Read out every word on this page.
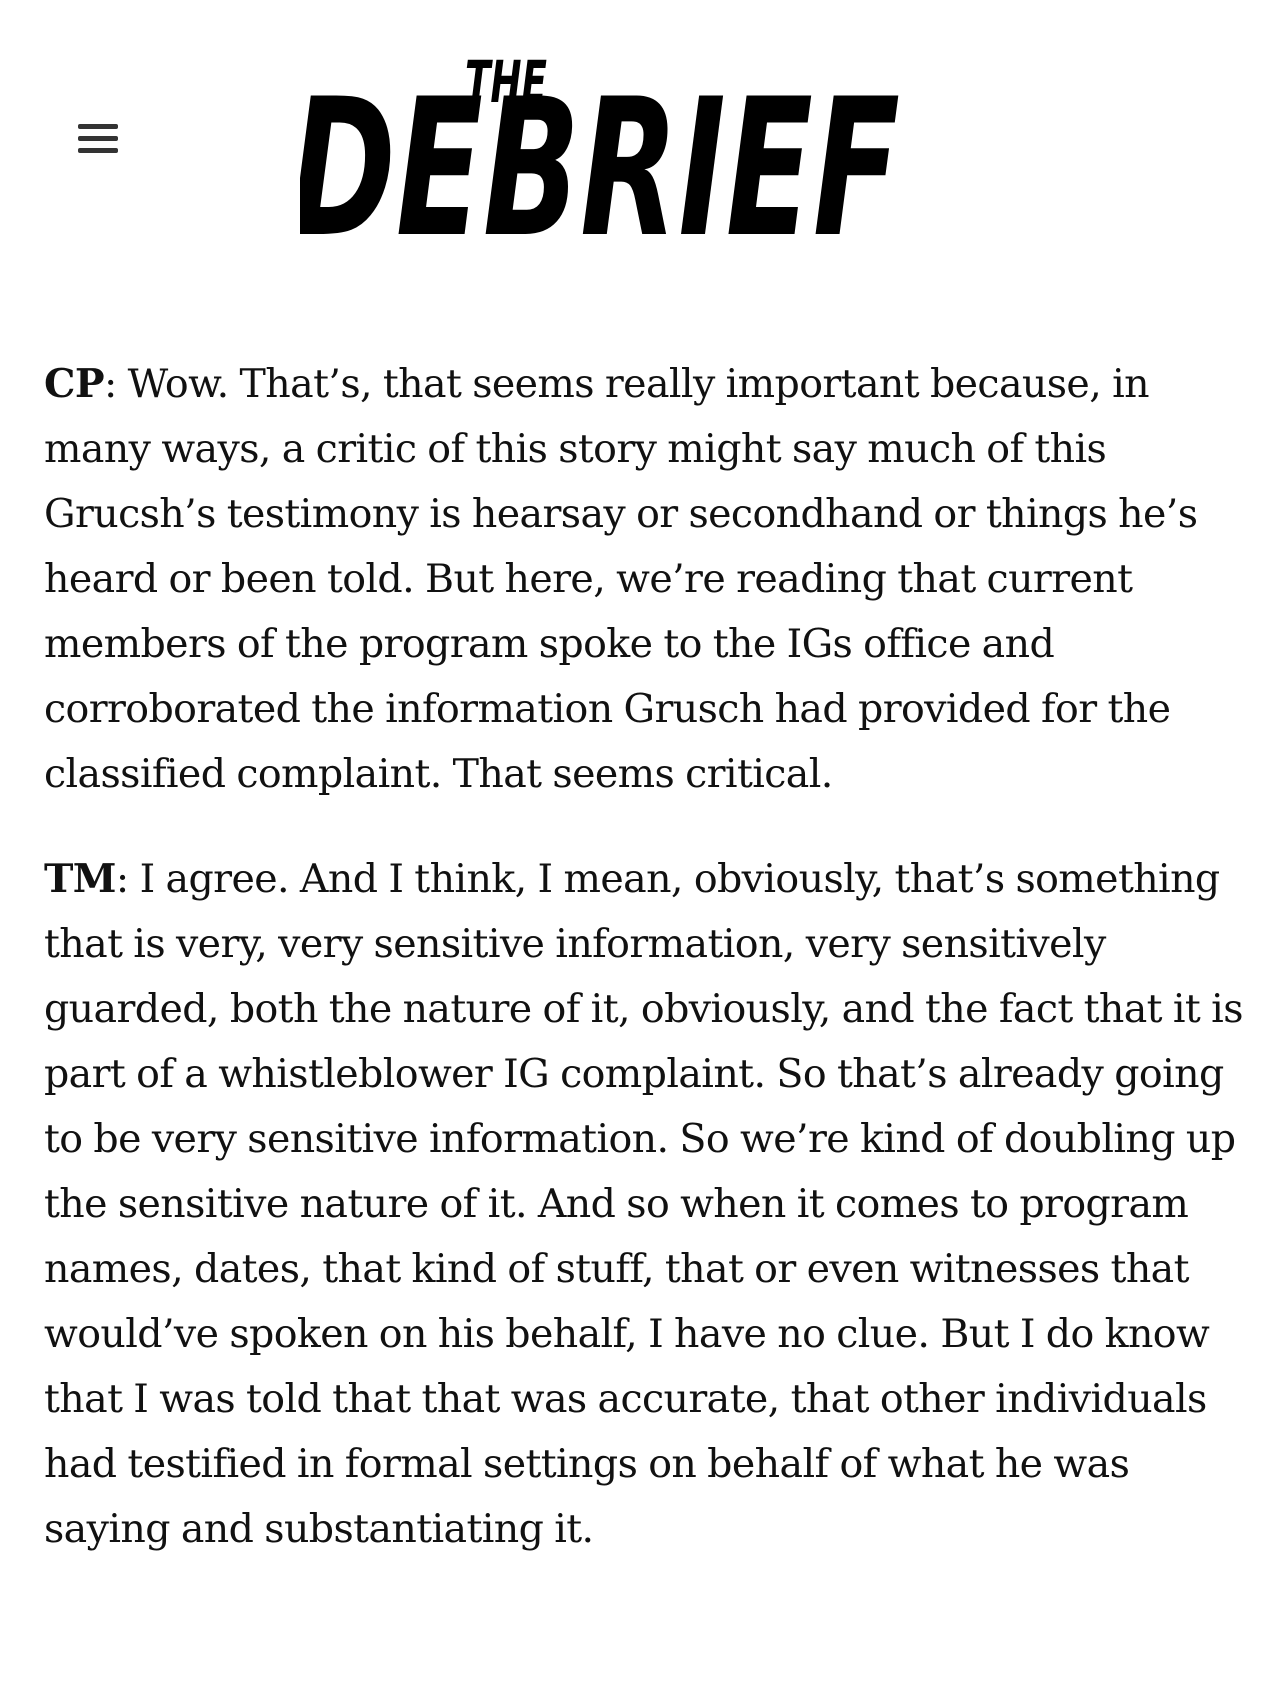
THE
DEBRIEF

CP: Wow. That’s, that seems really important because, in many ways, a critic of this story might say much of this Grucsh’s testimony is hearsay or secondhand or things he’s heard or been told. But here, we’re reading that current members of the program spoke to the IGs office and corroborated the information Grusch had provided for the classified complaint. That seems critical.

TM: I agree. And I think, I mean, obviously, that’s something that is very, very sensitive information, very sensitively guarded, both the nature of it, obviously, and the fact that it is part of a whistleblower IG complaint. So that’s already going to be very sensitive information. So we’re kind of doubling up the sensitive nature of it. And so when it comes to program names, dates, that kind of stuff, that or even witnesses that would’ve spoken on his behalf, I have no clue. But I do know that I was told that that was accurate, that other individuals had testified in formal settings on behalf of what he was saying and substantiating it.
